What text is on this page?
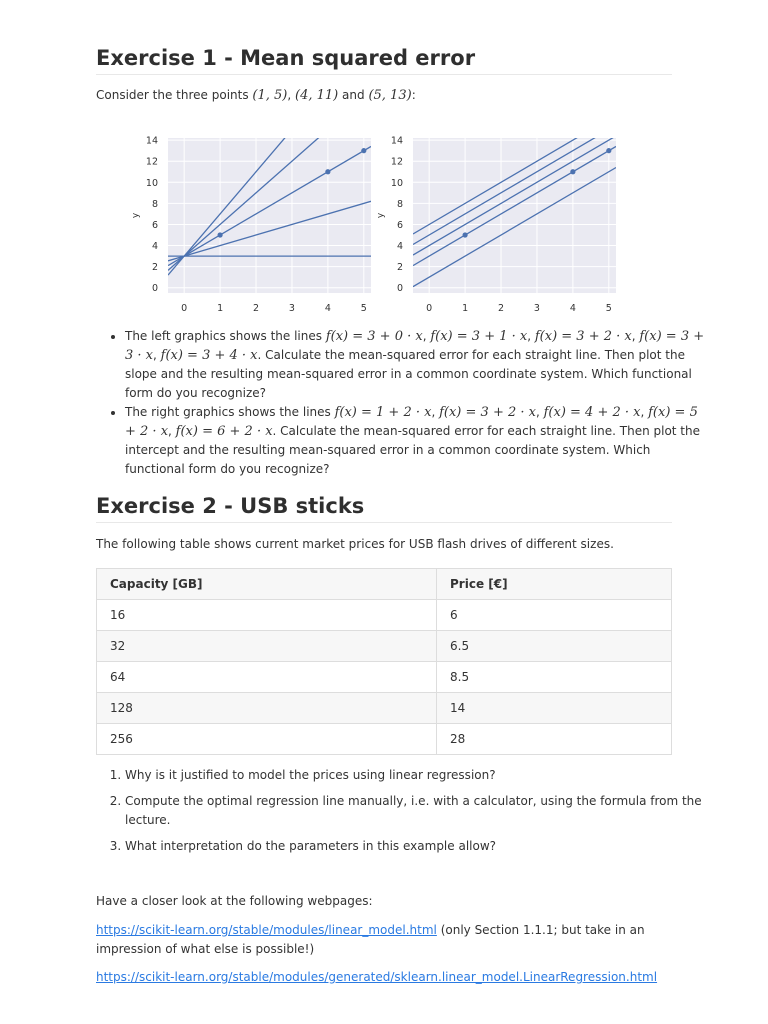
Exercise 1 - Mean squared error
Consider the three points (1, 5), (4, 11) and (5, 13):
0	1	2	3	4	5
0
2
4
6
8
10
12
14
y
0	1	2	3	4	5
0
2
4
6
8
10
12
14
y
• The left graphics shows the lines f(x) = 3 + 0 · x, f(x) = 3 + 1 · x, f(x) = 3 + 2 · x, f(x) = 3 + 3 · x, f(x) = 3 + 4 · x. Calculate the mean-squared error for each straight line. Then plot the slope and the resulting mean-squared error in a common coordinate system. Which functional form do you recognize?
• The right graphics shows the lines f(x) = 1 + 2 · x, f(x) = 3 + 2 · x, f(x) = 4 + 2 · x, f(x) = 5 + 2 · x, f(x) = 6 + 2 · x. Calculate the mean-squared error for each straight line. Then plot the intercept and the resulting mean-squared error in a common coordinate system. Which functional form do you recognize?
Exercise 2 - USB sticks
The following table shows current market prices for USB flash drives of different sizes.
Capacity [GB]	Price [€]
16	6
32	6.5
64	8.5
128	14
256	28
1. Why is it justified to model the prices using linear regression?
2. Compute the optimal regression line manually, i.e. with a calculator, using the formula from the lecture.
3. What interpretation do the parameters in this example allow?
Have a closer look at the following webpages:

https://scikit-learn.org/stable/modules/linear_model.html (only Section 1.1.1; but take in an impression of what else is possible!)

https://scikit-learn.org/stable/modules/generated/sklearn.linear_model.LinearRegression.html
